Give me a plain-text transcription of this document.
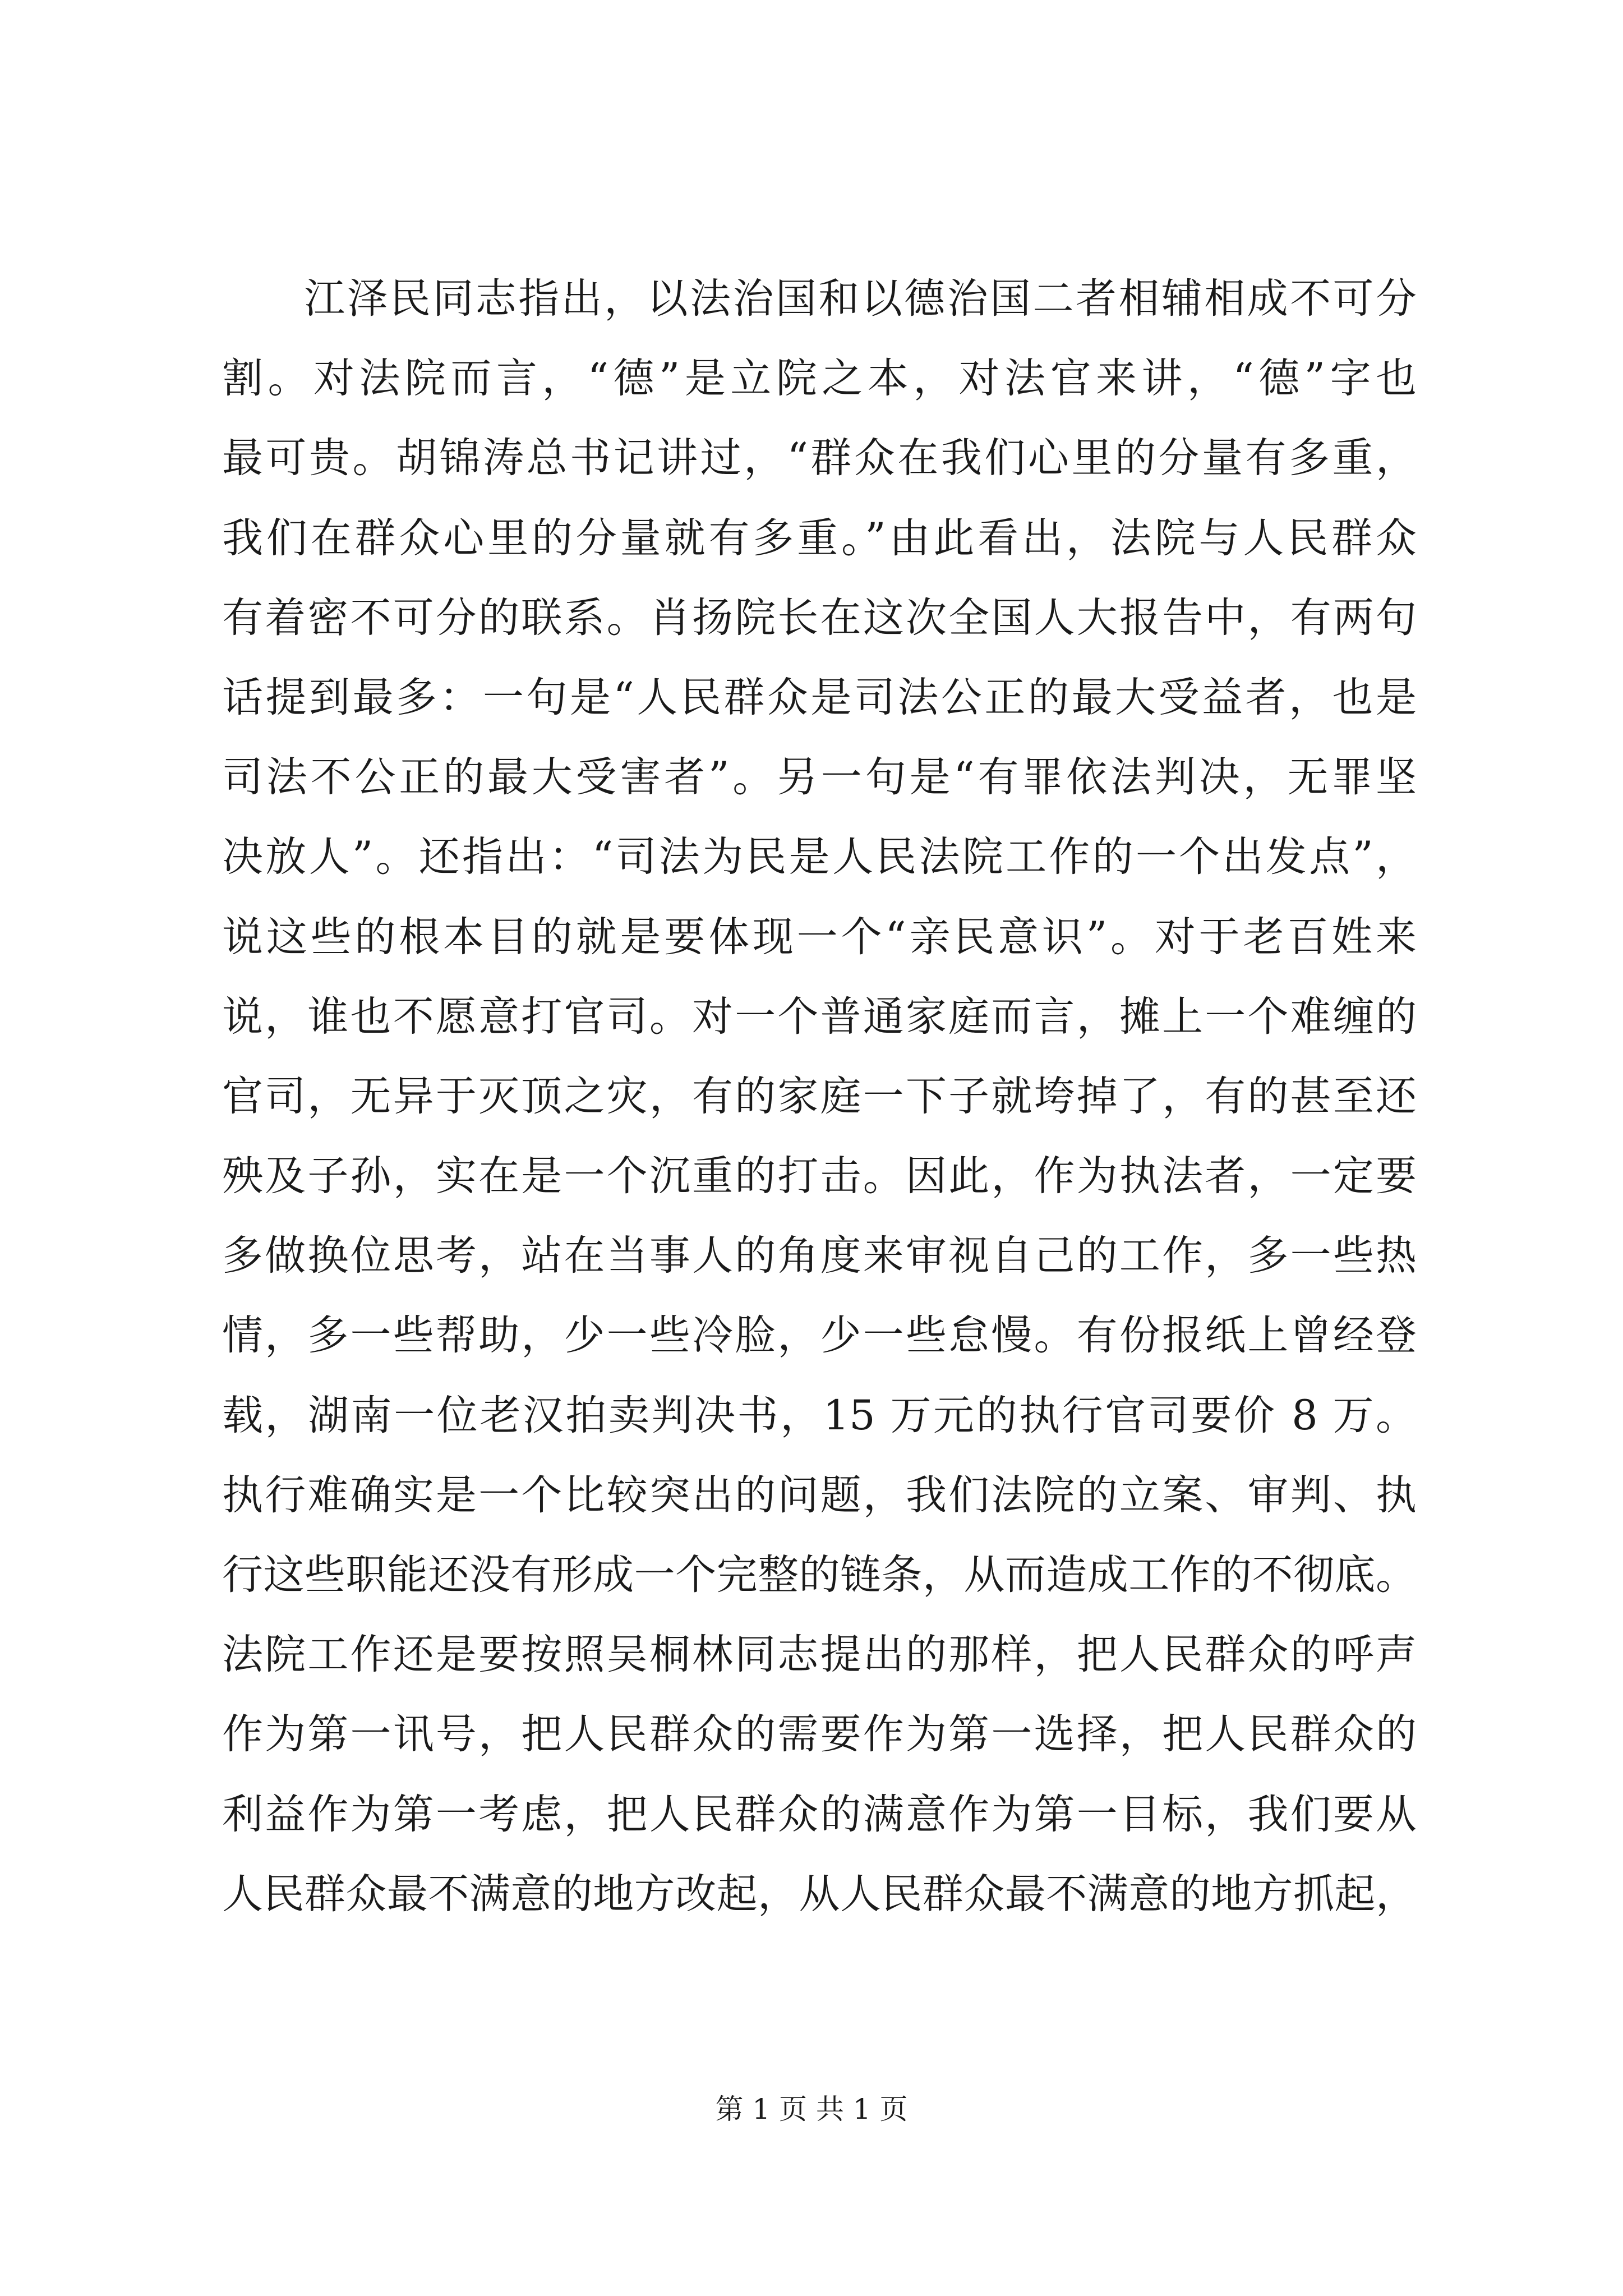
江泽民同志指出，以法治国和以德治国二者相辅相成不可分
割。对法院而言，“德”是立院之本，对法官来讲，“德”字也
最可贵。胡锦涛总书记讲过，“群众在我们心里的分量有多重，
我们在群众心里的分量就有多重。”由此看出，法院与人民群众
有着密不可分的联系。肖扬院长在这次全国人大报告中，有两句
话提到最多：一句是“人民群众是司法公正的最大受益者，也是
司法不公正的最大受害者”。另一句是“有罪依法判决，无罪坚
决放人”。还指出：“司法为民是人民法院工作的一个出发点”，
说这些的根本目的就是要体现一个“亲民意识”。对于老百姓来
说，谁也不愿意打官司。对一个普通家庭而言，摊上一个难缠的
官司，无异于灭顶之灾，有的家庭一下子就垮掉了，有的甚至还
殃及子孙，实在是一个沉重的打击。因此，作为执法者，一定要
多做换位思考，站在当事人的角度来审视自己的工作，多一些热
情，多一些帮助，少一些冷脸，少一些怠慢。有份报纸上曾经登
载，湖南一位老汉拍卖判决书，15 万元的执行官司要价 8 万。
执行难确实是一个比较突出的问题，我们法院的立案、审判、执
行这些职能还没有形成一个完整的链条，从而造成工作的不彻底。
法院工作还是要按照吴桐林同志提出的那样，把人民群众的呼声
作为第一讯号，把人民群众的需要作为第一选择，把人民群众的
利益作为第一考虑，把人民群众的满意作为第一目标，我们要从
人民群众最不满意的地方改起，从人民群众最不满意的地方抓起，
第 1 页 共 1 页
